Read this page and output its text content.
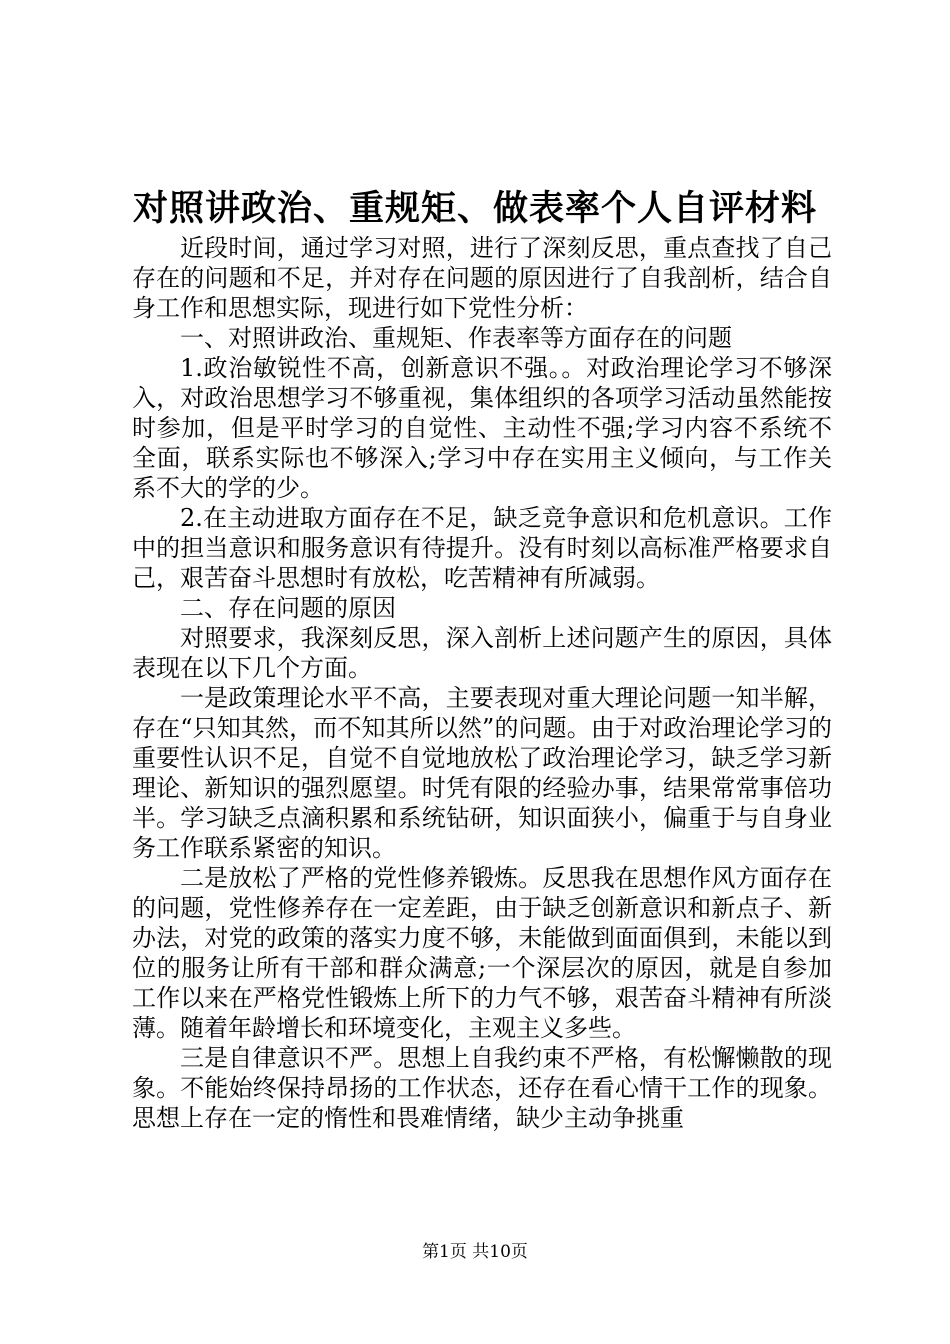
对照讲政治、重规矩、做表率个人自评材料

近段时间，通过学习对照，进行了深刻反思，重点查找了自己存在的问题和不足，并对存在问题的原因进行了自我剖析，结合自身工作和思想实际，现进行如下党性分析：

一、对照讲政治、重规矩、作表率等方面存在的问题

1.政治敏锐性不高，创新意识不强。。对政治理论学习不够深入，对政治思想学习不够重视，集体组织的各项学习活动虽然能按时参加，但是平时学习的自觉性、主动性不强;学习内容不系统不全面，联系实际也不够深入;学习中存在实用主义倾向，与工作关系不大的学的少。

2.在主动进取方面存在不足，缺乏竞争意识和危机意识。工作中的担当意识和服务意识有待提升。没有时刻以高标准严格要求自己，艰苦奋斗思想时有放松，吃苦精神有所减弱。

二、存在问题的原因

对照要求，我深刻反思，深入剖析上述问题产生的原因，具体表现在以下几个方面。

一是政策理论水平不高，主要表现对重大理论问题一知半解，存在“只知其然，而不知其所以然”的问题。由于对政治理论学习的重要性认识不足，自觉不自觉地放松了政治理论学习，缺乏学习新理论、新知识的强烈愿望。时凭有限的经验办事，结果常常事倍功半。学习缺乏点滴积累和系统钻研，知识面狭小，偏重于与自身业务工作联系紧密的知识。

二是放松了严格的党性修养锻炼。反思我在思想作风方面存在的问题，党性修养存在一定差距，由于缺乏创新意识和新点子、新办法，对党的政策的落实力度不够，未能做到面面俱到，未能以到位的服务让所有干部和群众满意;一个深层次的原因，就是自参加工作以来在严格党性锻炼上所下的力气不够，艰苦奋斗精神有所淡薄。随着年龄增长和环境变化，主观主义多些。

三是自律意识不严。思想上自我约束不严格，有松懈懒散的现象。不能始终保持昂扬的工作状态，还存在看心情干工作的现象。思想上存在一定的惰性和畏难情绪，缺少主动争挑重

第1页 共10页
